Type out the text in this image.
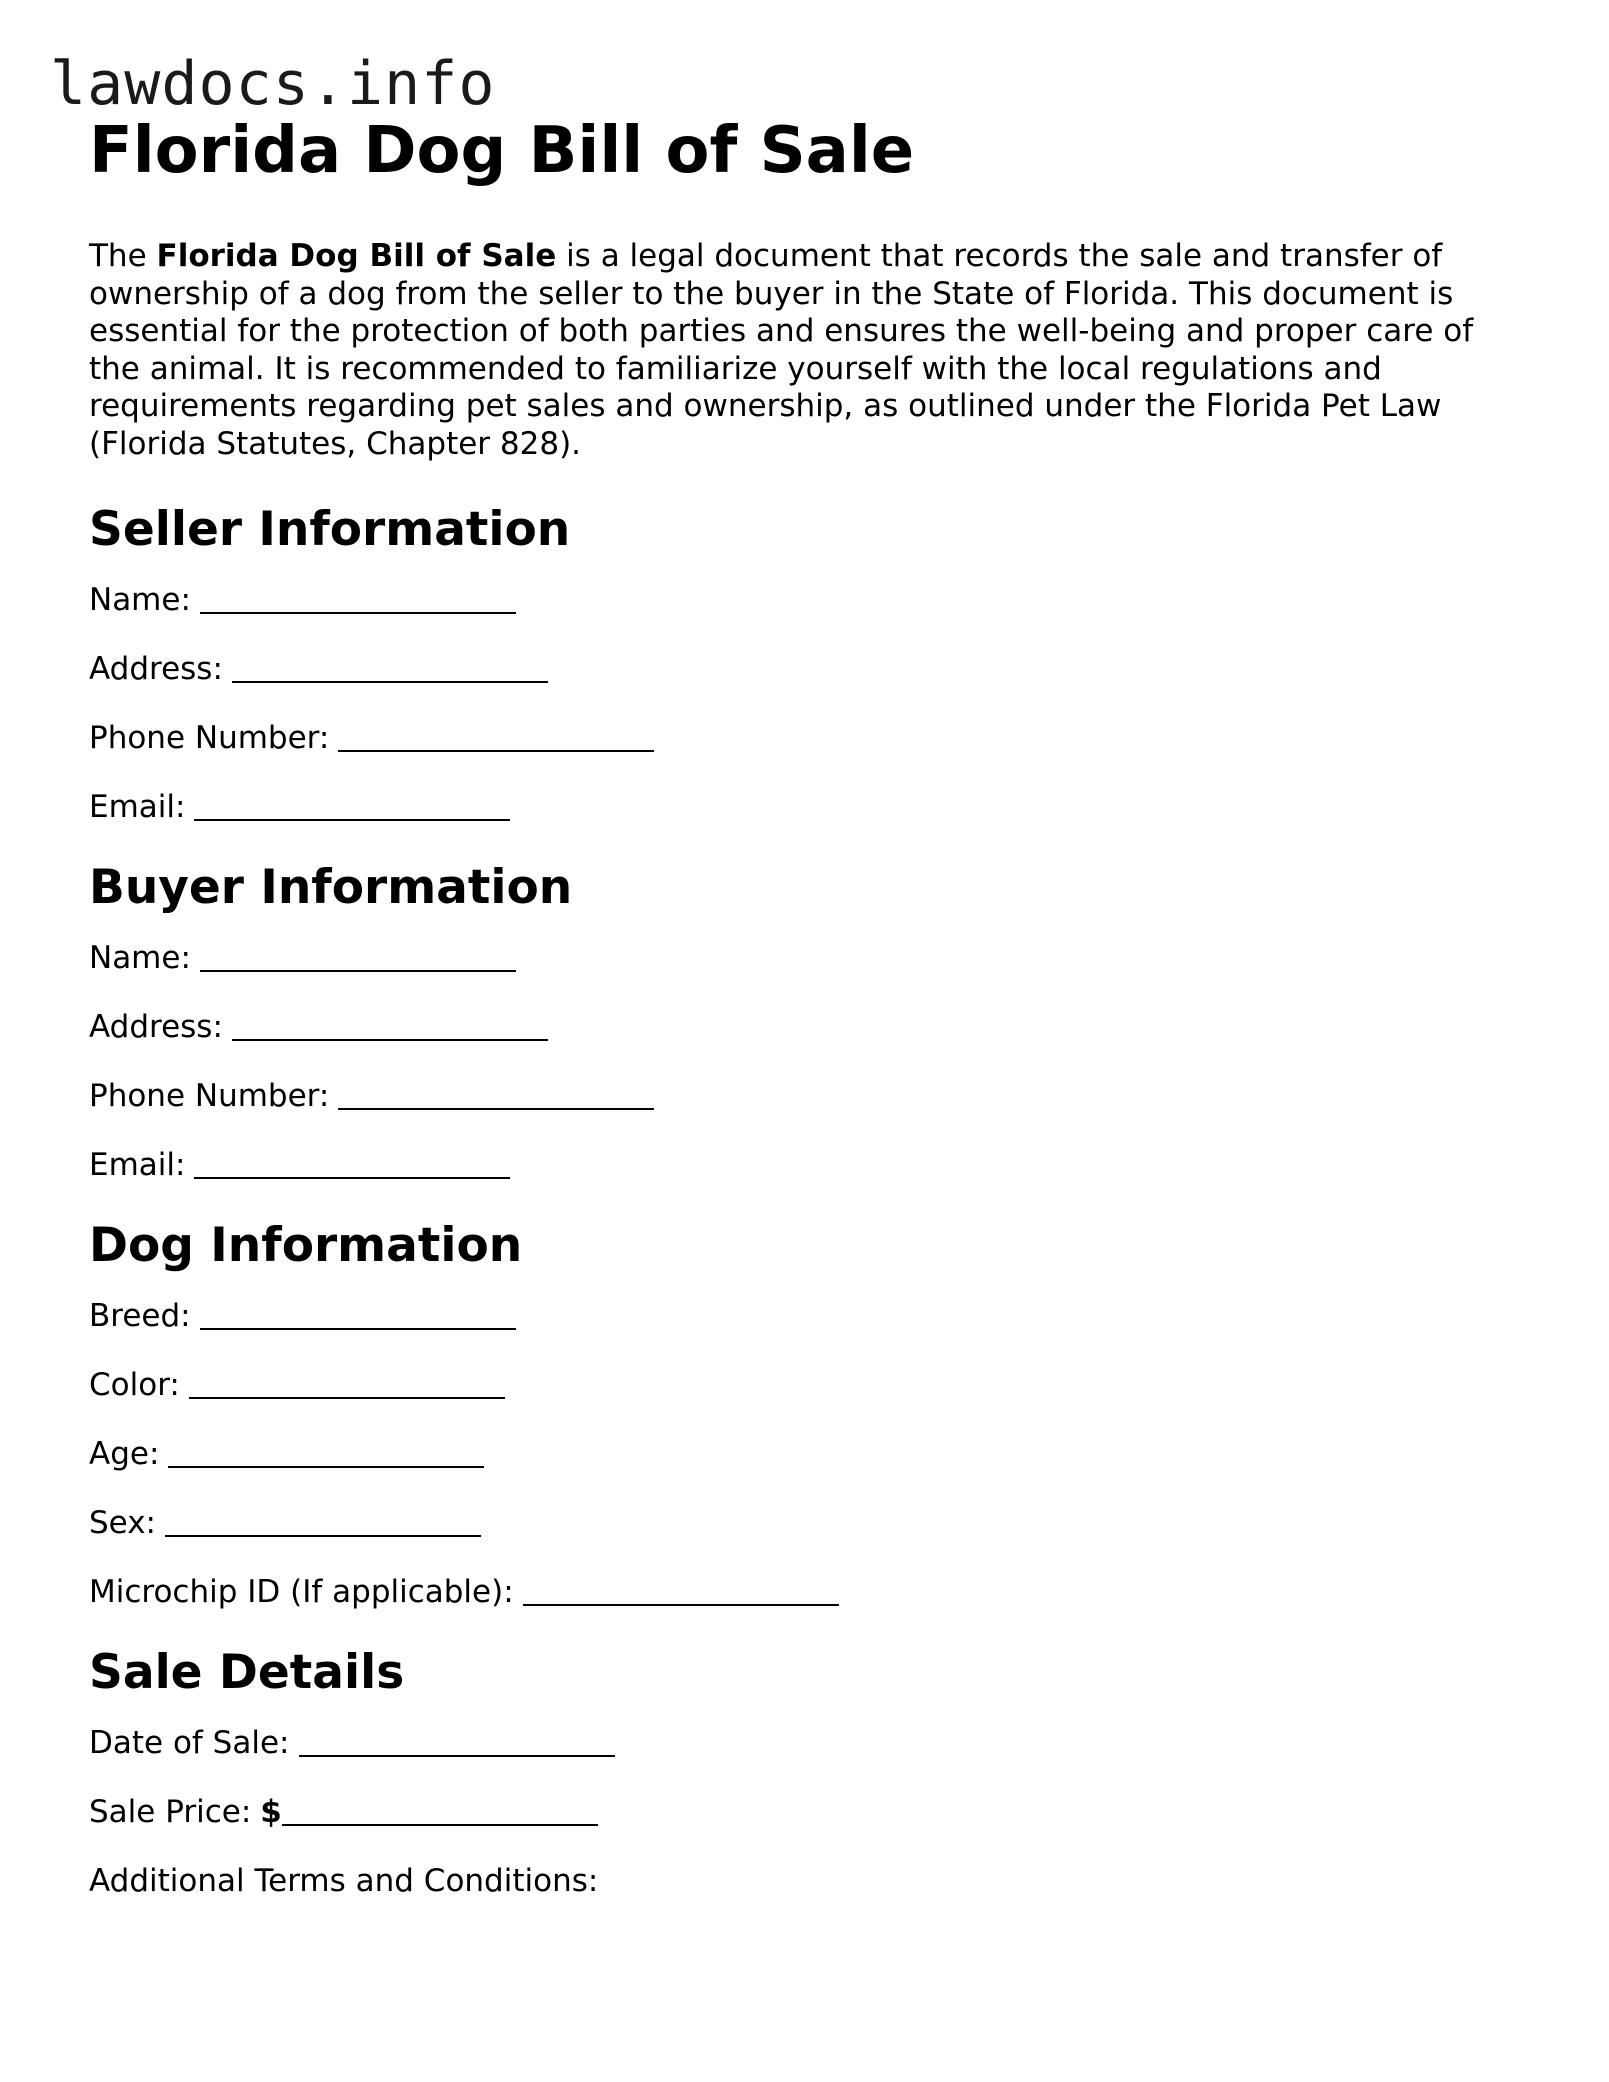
lawdocs.info
Florida Dog Bill of Sale

The Florida Dog Bill of Sale is a legal document that records the sale and transfer of ownership of a dog from the seller to the buyer in the State of Florida. This document is essential for the protection of both parties and ensures the well-being and proper care of the animal. It is recommended to familiarize yourself with the local regulations and requirements regarding pet sales and ownership, as outlined under the Florida Pet Law (Florida Statutes, Chapter 828).

Seller Information
Name:
Address:
Phone Number:
Email:
Buyer Information
Name:
Address:
Phone Number:
Email:
Dog Information
Breed:
Color:
Age:
Sex:
Microchip ID (If applicable):
Sale Details
Date of Sale:
Sale Price: $
Additional Terms and Conditions:
